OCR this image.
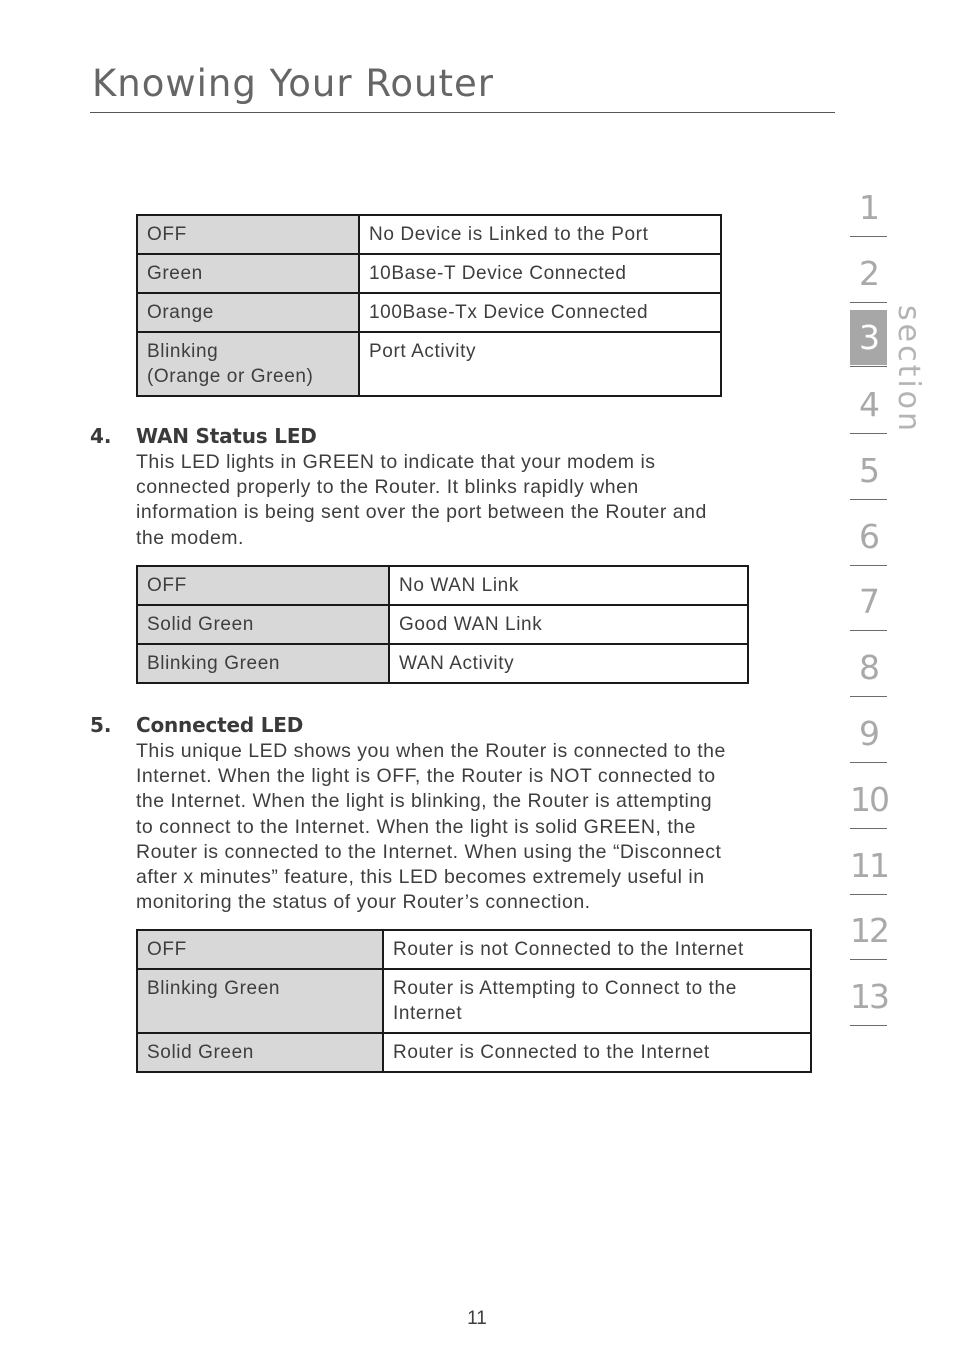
Knowing Your Router
OFF	No Device is Linked to the Port
Green	10Base-T Device Connected
Orange	100Base-Tx Device Connected

Blinking
(Orange or Green)	Port Activity
4. WAN Status LED
This LED lights in GREEN to indicate that your modem is
connected properly to the Router. It blinks rapidly when
information is being sent over the port between the Router and
the modem.
OFF	No WAN Link
Solid Green	Good WAN Link
Blinking Green	WAN Activity
5. Connected LED
This unique LED shows you when the Router is connected to the
Internet. When the light is OFF, the Router is NOT connected to
the Internet. When the light is blinking, the Router is attempting
to connect to the Internet. When the light is solid GREEN, the
Router is connected to the Internet. When using the “Disconnect
after x minutes” feature, this LED becomes extremely useful in
monitoring the status of your Router’s connection.
OFF	Router is not Connected to the Internet
Blinking Green	Router is Attempting to Connect to the
Internet

Solid Green	Router is Connected to the Internet
1
2
3
4
5
6
7
8
9
10
11
12
13
section
11
